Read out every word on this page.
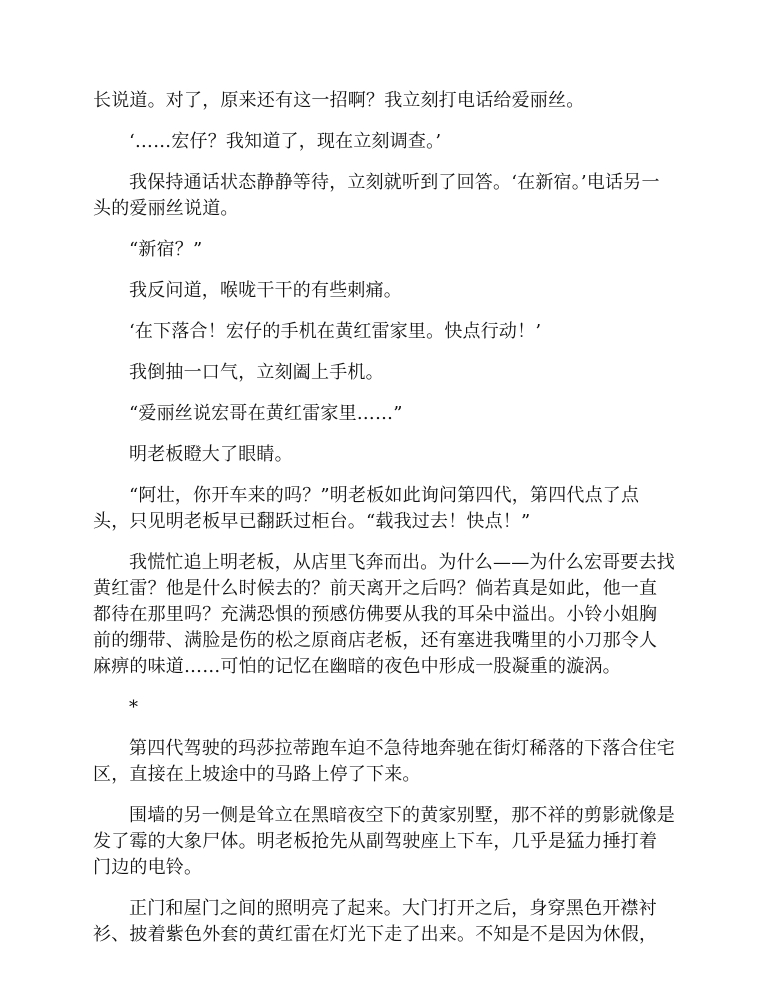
长说道。对了，原来还有这一招啊？我立刻打电话给爱丽丝。

‘……宏仔？我知道了，现在立刻调查。’

我保持通话状态静静等待，立刻就听到了回答。‘在新宿。’电话另一头的爱丽丝说道。

“新宿？”

我反问道，喉咙干干的有些刺痛。

‘在下落合！宏仔的手机在黄红雷家里。快点行动！’

我倒抽一口气，立刻阖上手机。

“爱丽丝说宏哥在黄红雷家里……”

明老板瞪大了眼睛。

“阿壮，你开车来的吗？”明老板如此询问第四代，第四代点了点头，只见明老板早已翻跃过柜台。“载我过去！快点！”

我慌忙追上明老板，从店里飞奔而出。为什么——为什么宏哥要去找黄红雷？他是什么时候去的？前天离开之后吗？倘若真是如此，他一直都待在那里吗？充满恐惧的预感仿佛要从我的耳朵中溢出。小铃小姐胸前的绷带、满脸是伤的松之原商店老板，还有塞进我嘴里的小刀那令人麻痹的味道……可怕的记忆在幽暗的夜色中形成一股凝重的漩涡。

*

第四代驾驶的玛莎拉蒂跑车迫不急待地奔驰在街灯稀落的下落合住宅区，直接在上坡途中的马路上停了下来。

围墙的另一侧是耸立在黑暗夜空下的黄家别墅，那不祥的剪影就像是发了霉的大象尸体。明老板抢先从副驾驶座上下车，几乎是猛力捶打着门边的电铃。

正门和屋门之间的照明亮了起来。大门打开之后，身穿黑色开襟衬衫、披着紫色外套的黄红雷在灯光下走了出来。不知是不是因为休假，
